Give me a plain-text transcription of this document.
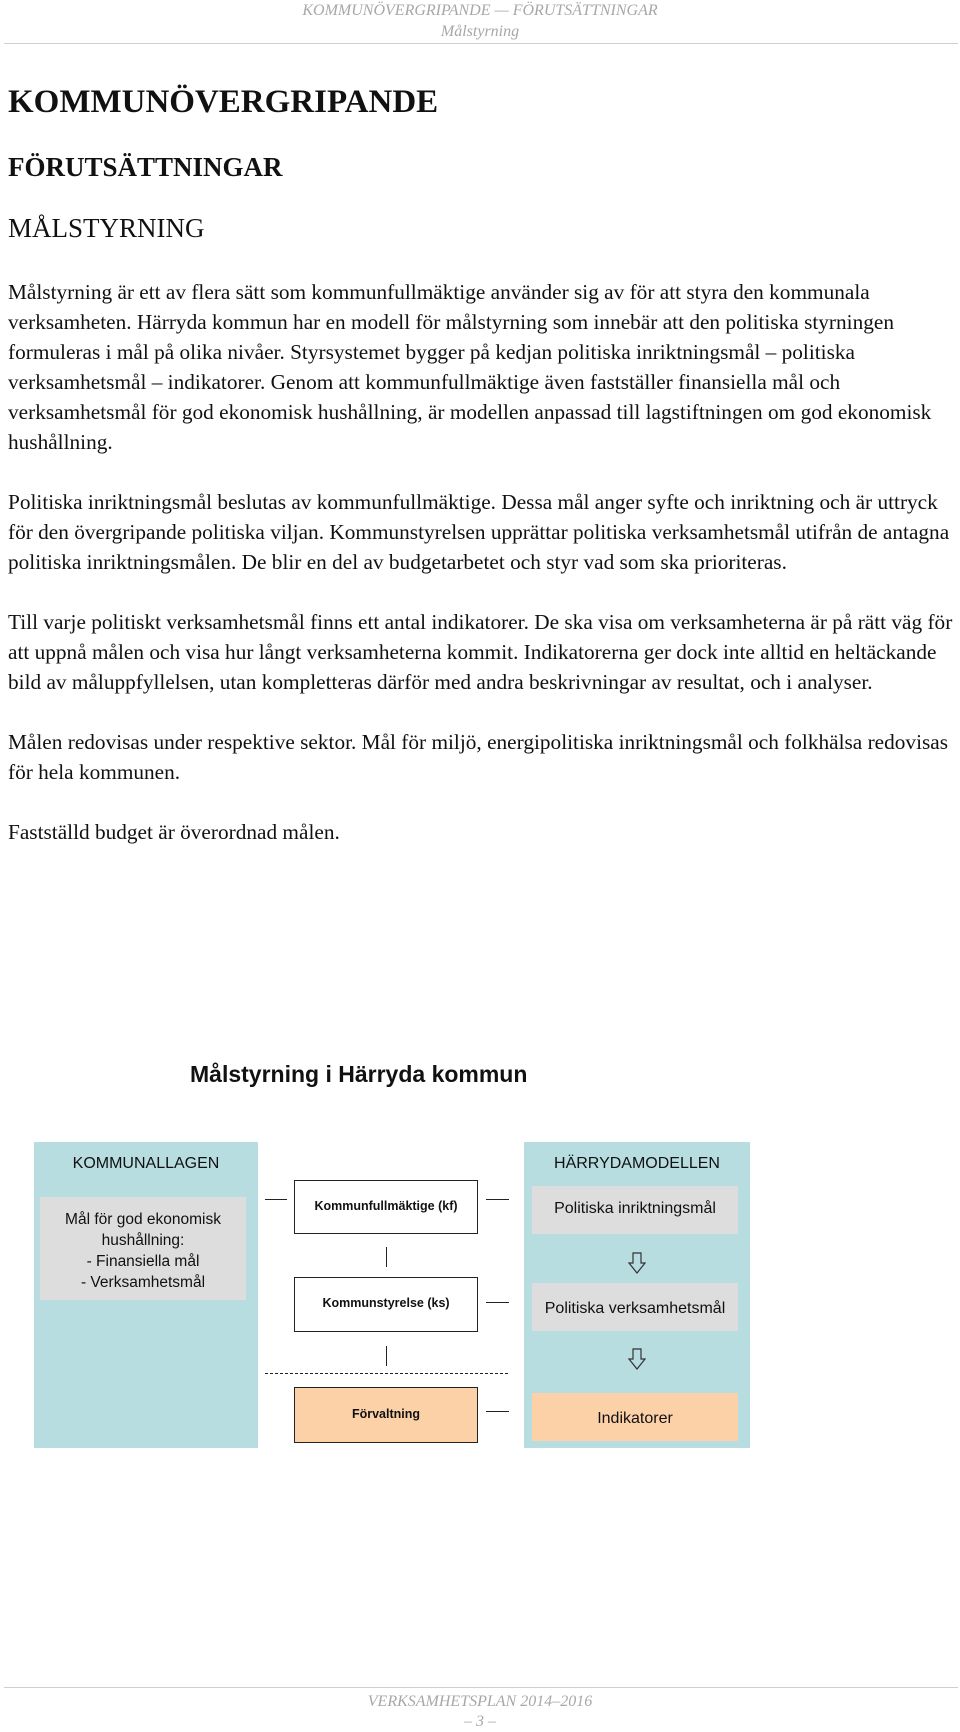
KOMMUNÖVERGRIPANDE — FÖRUTSÄTTNINGAR
Målstyrning
KOMMUNÖVERGRIPANDE
FÖRUTSÄTTNINGAR
MÅLSTYRNING

Målstyrning är ett av flera sätt som kommunfullmäktige använder sig av för att styra den kommunala verksamheten. Härryda kommun har en modell för målstyrning som innebär att den politiska styrningen formuleras i mål på olika nivåer. Styrsystemet bygger på kedjan politiska inriktningsmål – politiska verksamhetsmål – indikatorer. Genom att kommunfullmäktige även fastställer finansiella mål och verksamhetsmål för god ekonomisk hushållning, är modellen anpassad till lagstiftningen om god ekonomisk hushållning.

Politiska inriktningsmål beslutas av kommunfullmäktige. Dessa mål anger syfte och inriktning och är uttryck för den övergripande politiska viljan. Kommunstyrelsen upprättar politiska verksamhetsmål utifrån de antagna politiska inriktningsmålen. De blir en del av budgetarbetet och styr vad som ska prioriteras.

Till varje politiskt verksamhetsmål finns ett antal indikatorer. De ska visa om verksamheterna är på rätt väg för att uppnå målen och visa hur långt verksamheterna kommit. Indikatorerna ger dock inte alltid en heltäckande bild av måluppfyllelsen, utan kompletteras därför med andra beskrivningar av resultat, och i analyser.

Målen redovisas under respektive sektor. Mål för miljö, energipolitiska inriktningsmål och folkhälsa redovisas för hela kommunen.

Fastställd budget är överordnad målen.

Målstyrning i Härryda kommun
KOMMUNALLAGEN
Mål för god ekonomisk
hushållning:
- Finansiella mål
- Verksamhetsmål
HÄRRYDAMODELLEN
Politiska inriktningsmål
Politiska verksamhetsmål
Indikatorer
Kommunfullmäktige (kf)
Kommunstyrelse (ks)
Förvaltning
VERKSAMHETSPLAN 2014–2016
– 3 –
